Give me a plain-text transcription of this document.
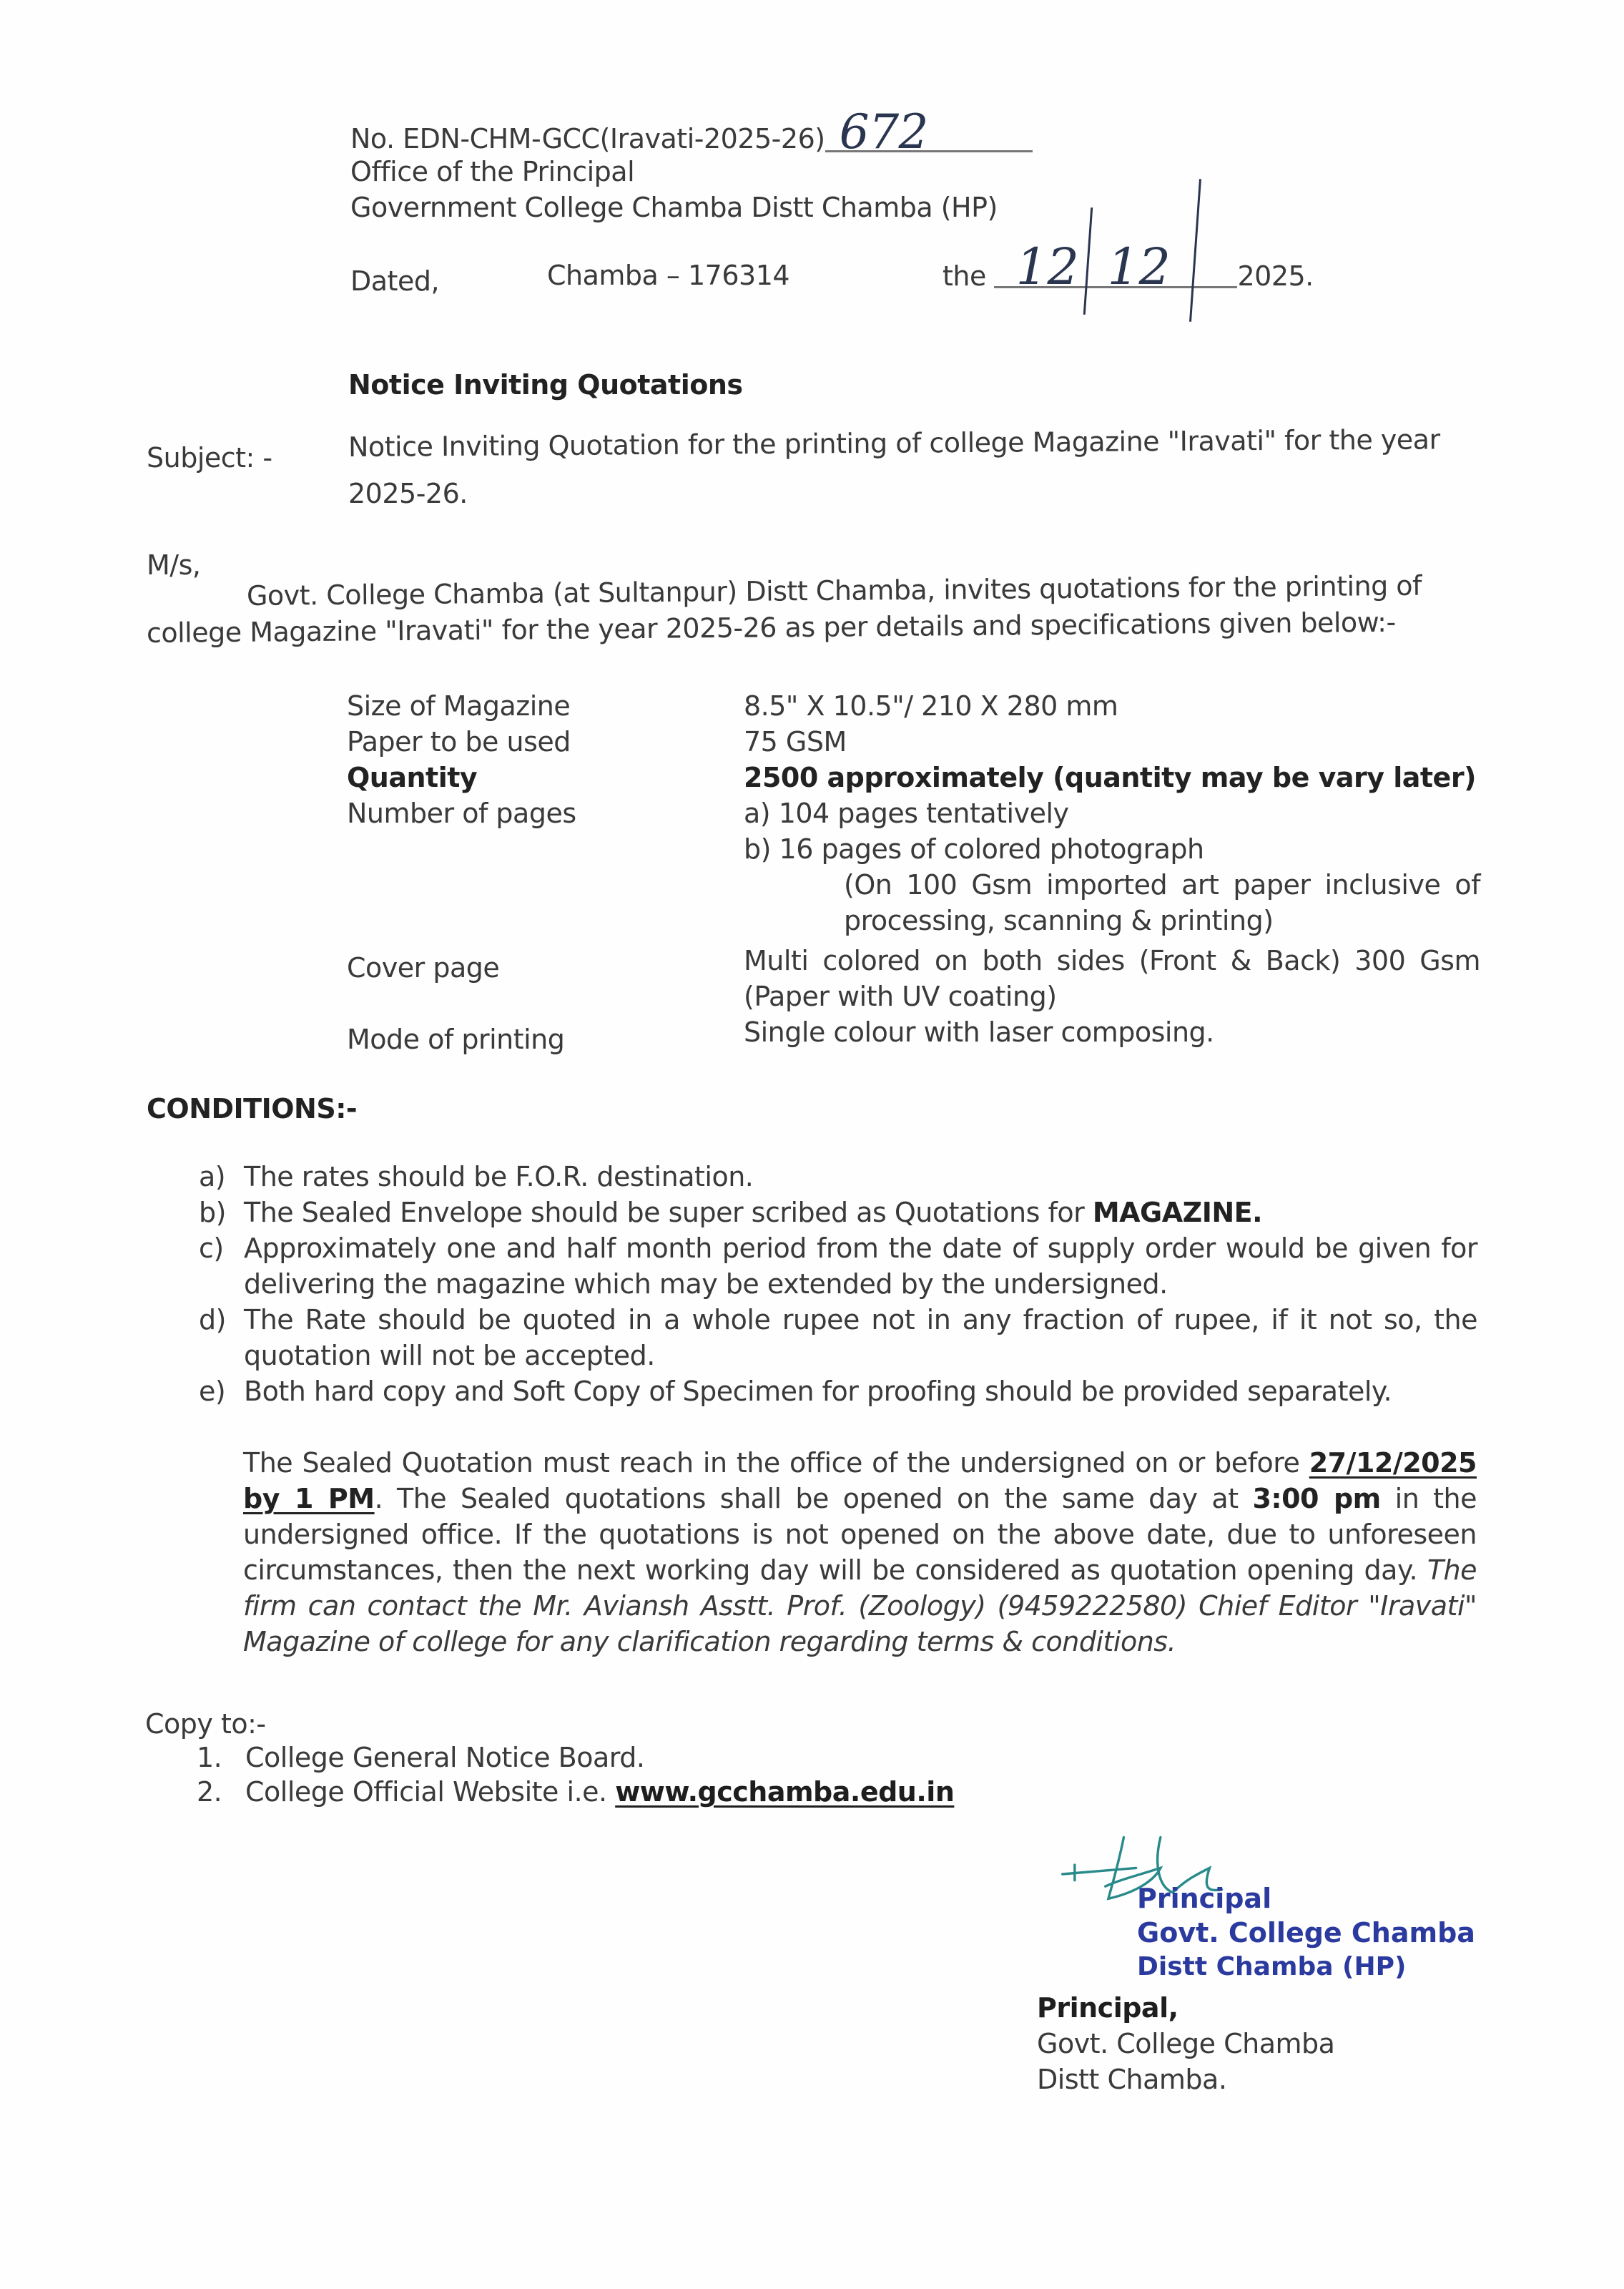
No. EDN-CHM-GCC(Iravati-2025-26) 672
Office of the Principal
Government College Chamba Distt Chamba (HP)
Dated,	Chamba – 176314	the 12 12 2025.
Notice Inviting Quotations
Subject: -	Notice Inviting Quotation for the printing of college Magazine "Iravati" for the year
2025-26.
M/s,
Govt. College Chamba (at Sultanpur) Distt Chamba, invites quotations for the printing of
college Magazine "Iravati" for the year 2025-26 as per details and specifications given below:-
Size of Magazine	8.5" X 10.5"/ 210 X 280 mm
Paper to be used	75 GSM
Quantity	2500 approximately (quantity may be vary later)
Number of pages	a) 104 pages tentatively
b) 16 pages of colored photograph
(On 100 Gsm imported art paper inclusive of processing, scanning & printing)
Cover page	Multi colored on both sides (Front & Back) 300 Gsm (Paper with UV coating)
Mode of printing	Single colour with laser composing.
CONDITIONS:-
a) The rates should be F.O.R. destination.
b) The Sealed Envelope should be super scribed as Quotations for MAGAZINE.
c) Approximately one and half month period from the date of supply order would be given for delivering the magazine which may be extended by the undersigned.
d) The Rate should be quoted in a whole rupee not in any fraction of rupee, if it not so, the quotation will not be accepted.
e) Both hard copy and Soft Copy of Specimen for proofing should be provided separately.
The Sealed Quotation must reach in the office of the undersigned on or before 27/12/2025 by 1 PM. The Sealed quotations shall be opened on the same day at 3:00 pm in the undersigned office. If the quotations is not opened on the above date, due to unforeseen circumstances, then the next working day will be considered as quotation opening day. The firm can contact the Mr. Aviansh Asstt. Prof. (Zoology) (9459222580) Chief Editor "Iravati" Magazine of college for any clarification regarding terms & conditions.
Copy to:-
1. College General Notice Board.
2. College Official Website i.e. www.gcchamba.edu.in
Principal
Govt. College Chamba
Distt Chamba (HP)
Principal,
Govt. College Chamba
Distt Chamba.
